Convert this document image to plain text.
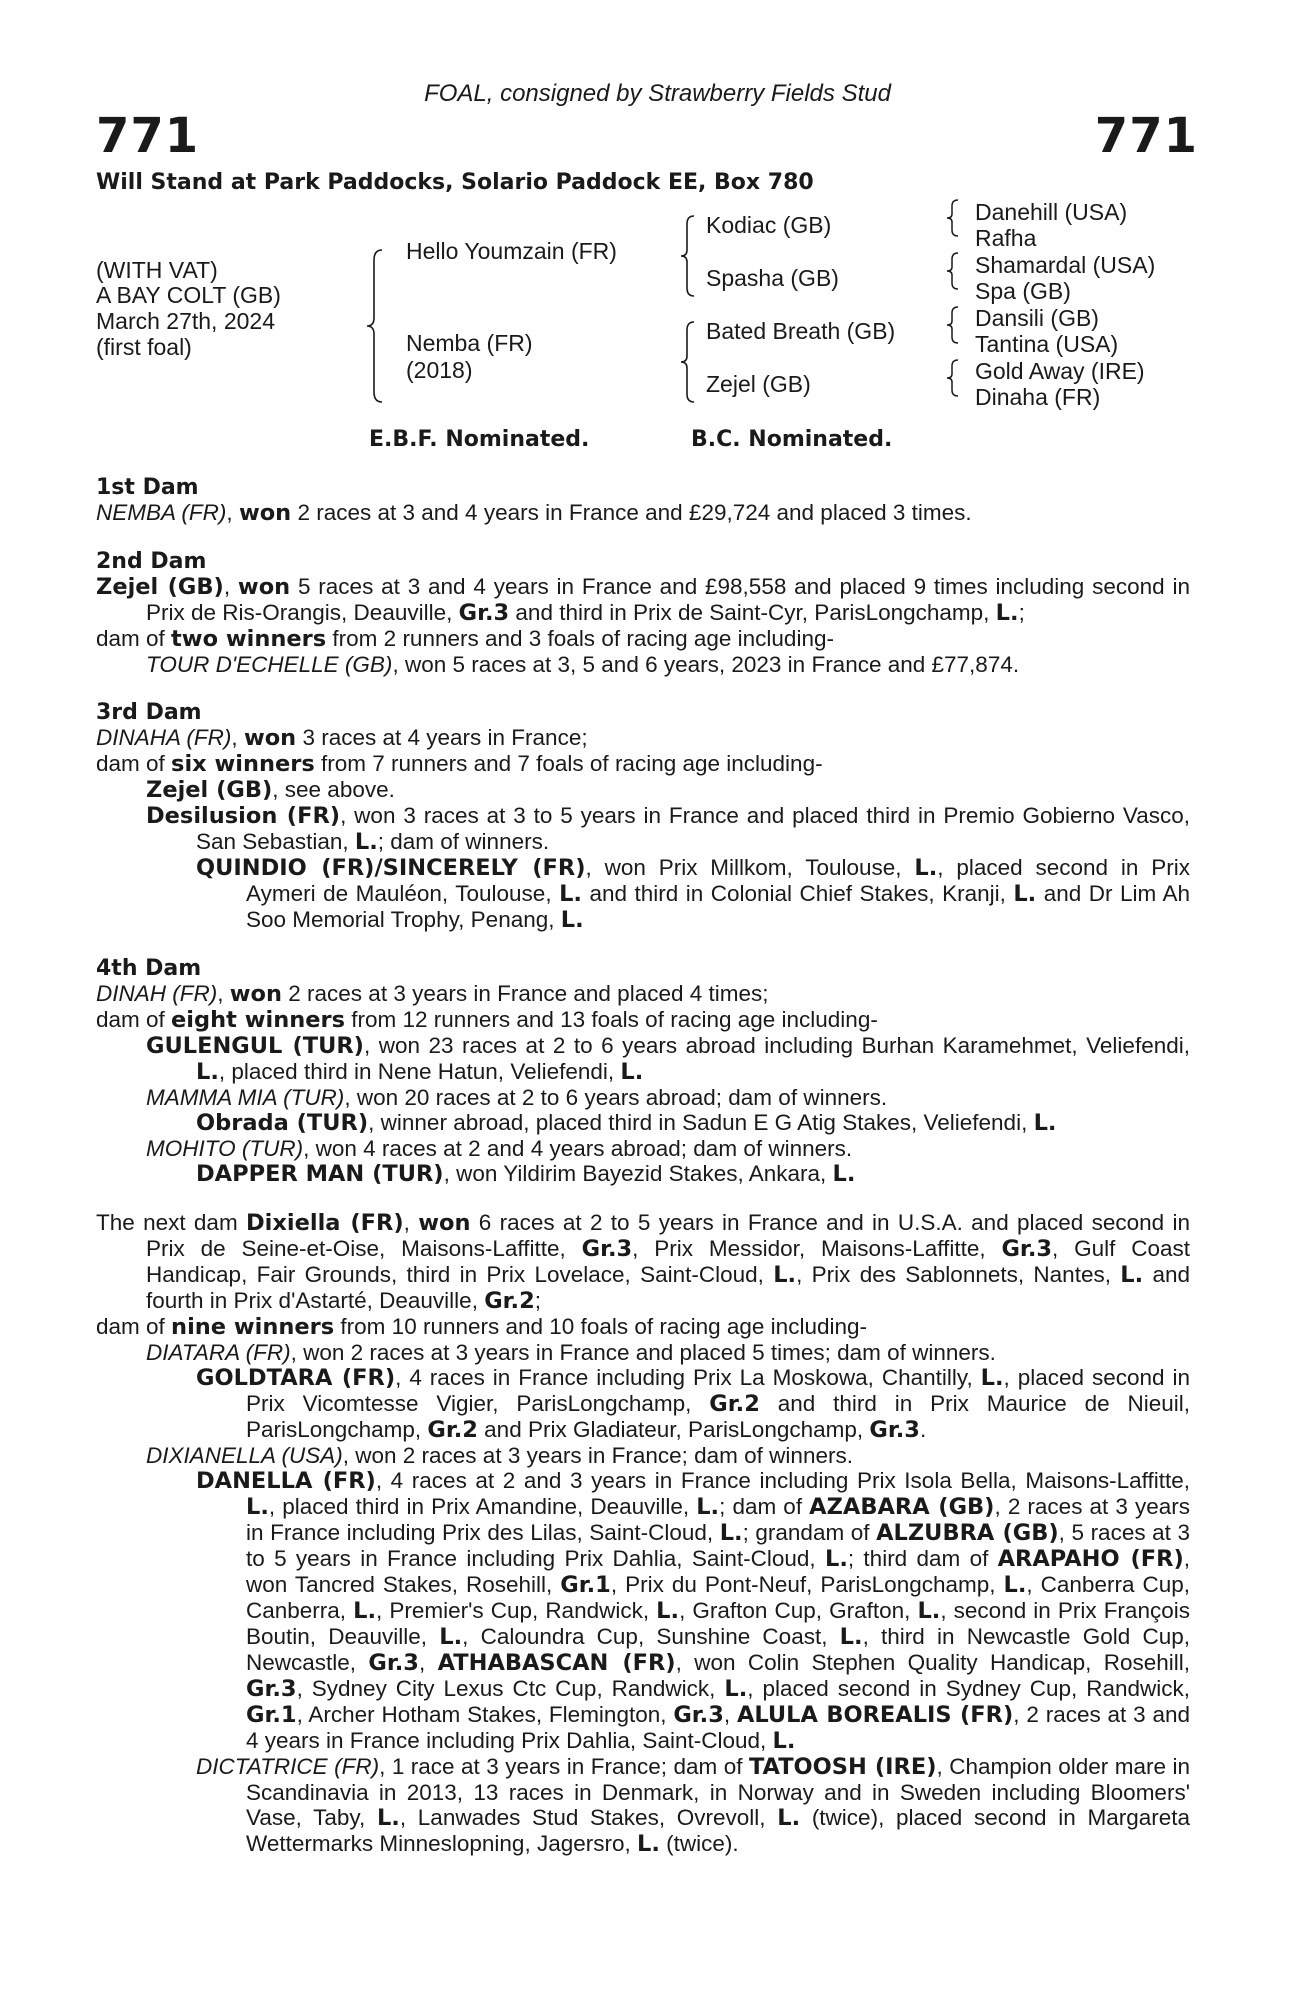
FOAL, consigned by Strawberry Fields Stud
771	771
Will Stand at Park Paddocks, Solario Paddock EE, Box 780
(WITH VAT)
A BAY COLT (GB)
March 27th, 2024
(first foal)
Hello Youmzain (FR)
Nemba (FR)
(2018)
Kodiac (GB)
Spasha (GB)
Bated Breath (GB)
Zejel (GB)
Danehill (USA)
Rafha
Shamardal (USA)
Spa (GB)
Dansili (GB)
Tantina (USA)
Gold Away (IRE)
Dinaha (FR)
E.B.F. Nominated.	B.C. Nominated.
1st Dam
NEMBA (FR), won 2 races at 3 and 4 years in France and £29,724 and placed 3 times.
2nd Dam
Zejel (GB), won 5 races at 3 and 4 years in France and £98,558 and placed 9 times including second in Prix de Ris-Orangis, Deauville, Gr.3 and third in Prix de Saint-Cyr, ParisLongchamp, L.;
dam of two winners from 2 runners and 3 foals of racing age including-
TOUR D'ECHELLE (GB), won 5 races at 3, 5 and 6 years, 2023 in France and £77,874.
3rd Dam
DINAHA (FR), won 3 races at 4 years in France;
dam of six winners from 7 runners and 7 foals of racing age including-
Zejel (GB), see above.
Desilusion (FR), won 3 races at 3 to 5 years in France and placed third in Premio Gobierno Vasco, San Sebastian, L.; dam of winners.
QUINDIO (FR)/SINCERELY (FR), won Prix Millkom, Toulouse, L., placed second in Prix Aymeri de Mauléon, Toulouse, L. and third in Colonial Chief Stakes, Kranji, L. and Dr Lim Ah Soo Memorial Trophy, Penang, L.
4th Dam
DINAH (FR), won 2 races at 3 years in France and placed 4 times;
dam of eight winners from 12 runners and 13 foals of racing age including-
GULENGUL (TUR), won 23 races at 2 to 6 years abroad including Burhan Karamehmet, Veliefendi, L., placed third in Nene Hatun, Veliefendi, L.
MAMMA MIA (TUR), won 20 races at 2 to 6 years abroad; dam of winners.
Obrada (TUR), winner abroad, placed third in Sadun E G Atig Stakes, Veliefendi, L.
MOHITO (TUR), won 4 races at 2 and 4 years abroad; dam of winners.
DAPPER MAN (TUR), won Yildirim Bayezid Stakes, Ankara, L.
The next dam Dixiella (FR), won 6 races at 2 to 5 years in France and in U.S.A. and placed second in Prix de Seine-et-Oise, Maisons-Laffitte, Gr.3, Prix Messidor, Maisons-Laffitte, Gr.3, Gulf Coast Handicap, Fair Grounds, third in Prix Lovelace, Saint-Cloud, L., Prix des Sablonnets, Nantes, L. and fourth in Prix d'Astarté, Deauville, Gr.2;
dam of nine winners from 10 runners and 10 foals of racing age including-
DIATARA (FR), won 2 races at 3 years in France and placed 5 times; dam of winners.
GOLDTARA (FR), 4 races in France including Prix La Moskowa, Chantilly, L., placed second in Prix Vicomtesse Vigier, ParisLongchamp, Gr.2 and third in Prix Maurice de Nieuil, ParisLongchamp, Gr.2 and Prix Gladiateur, ParisLongchamp, Gr.3.
DIXIANELLA (USA), won 2 races at 3 years in France; dam of winners.
DANELLA (FR), 4 races at 2 and 3 years in France including Prix Isola Bella, Maisons-Laffitte, L., placed third in Prix Amandine, Deauville, L.; dam of AZABARA (GB), 2 races at 3 years in France including Prix des Lilas, Saint-Cloud, L.; grandam of ALZUBRA (GB), 5 races at 3 to 5 years in France including Prix Dahlia, Saint-Cloud, L.; third dam of ARAPAHO (FR), won Tancred Stakes, Rosehill, Gr.1, Prix du Pont-Neuf, ParisLongchamp, L., Canberra Cup, Canberra, L., Premier's Cup, Randwick, L., Grafton Cup, Grafton, L., second in Prix François Boutin, Deauville, L., Caloundra Cup, Sunshine Coast, L., third in Newcastle Gold Cup, Newcastle, Gr.3, ATHABASCAN (FR), won Colin Stephen Quality Handicap, Rosehill, Gr.3, Sydney City Lexus Ctc Cup, Randwick, L., placed second in Sydney Cup, Randwick, Gr.1, Archer Hotham Stakes, Flemington, Gr.3, ALULA BOREALIS (FR), 2 races at 3 and 4 years in France including Prix Dahlia, Saint-Cloud, L.
DICTATRICE (FR), 1 race at 3 years in France; dam of TATOOSH (IRE), Champion older mare in Scandinavia in 2013, 13 races in Denmark, in Norway and in Sweden including Bloomers' Vase, Taby, L., Lanwades Stud Stakes, Ovrevoll, L. (twice), placed second in Margareta Wettermarks Minneslopning, Jagersro, L. (twice).
